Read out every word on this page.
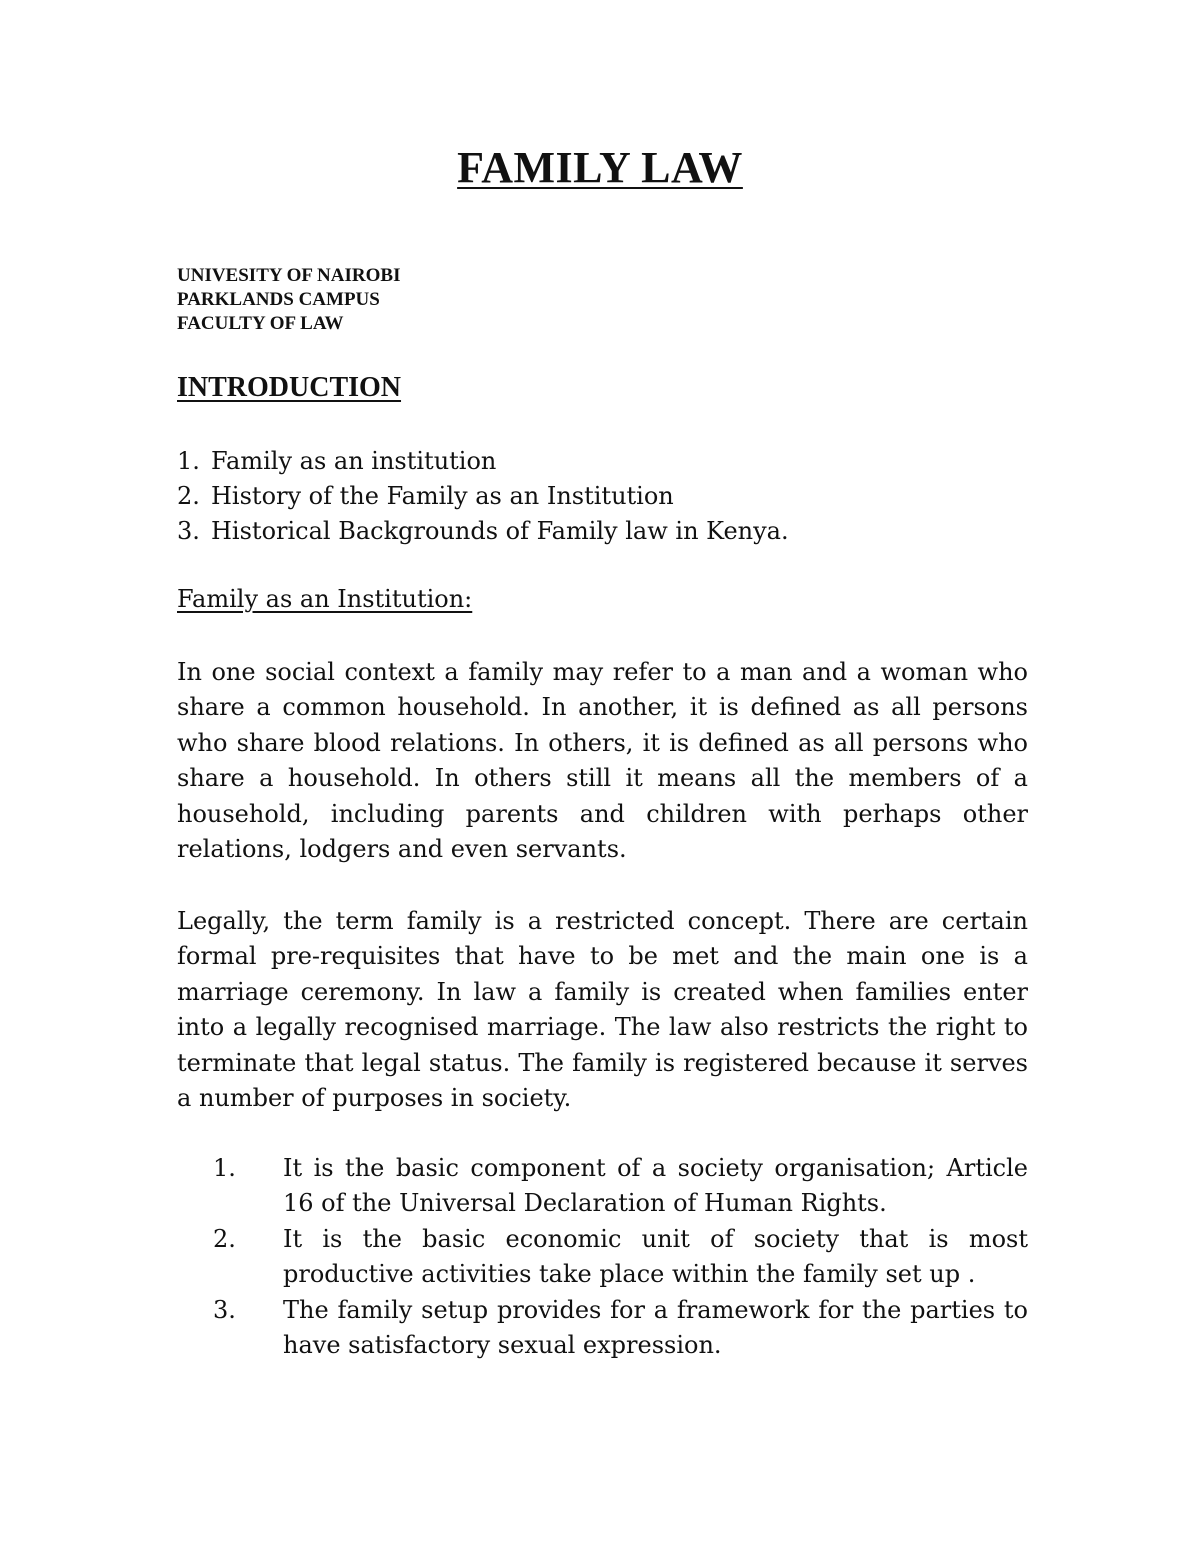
FAMILY LAW
UNIVESITY OF NAIROBI
PARKLANDS CAMPUS
FACULTY OF LAW
INTRODUCTION
1. Family as an institution
2. History of the Family as an Institution
3. Historical Backgrounds of Family law in Kenya.
Family as an Institution:
In one social context a family may refer to a man and a woman who share a common household. In another, it is defined as all persons who share blood relations. In others, it is defined as all persons who share a household. In others still it means all the members of a household, including parents and children with perhaps other relations, lodgers and even servants.
Legally, the term family is a restricted concept. There are certain formal pre-requisites that have to be met and the main one is a marriage ceremony. In law a family is created when families enter into a legally recognised marriage. The law also restricts the right to terminate that legal status. The family is registered because it serves a number of purposes in society.
1.	It is the basic component of a society organisation; Article 16 of the Universal Declaration of Human Rights.
2.	It is the basic economic unit of society that is most productive activities take place within the family set up .
3.	The family setup provides for a framework for the parties to have satisfactory sexual expression.
